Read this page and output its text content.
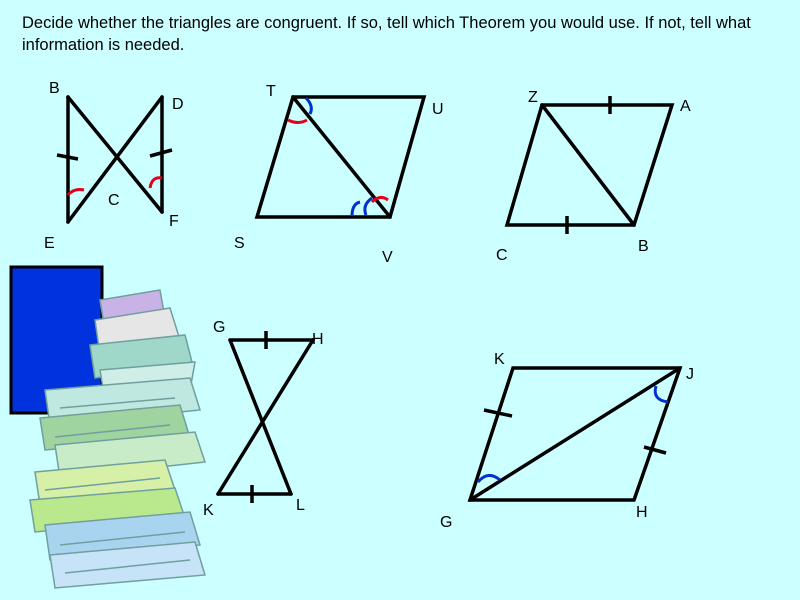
Decide whether the triangles are congruent. If so, tell which Theorem you would use. If not, tell what information is needed.
B
D
C
F
E
T
U
S
V
Z
A
C
B
G
H
K	L
K
J
G
H
